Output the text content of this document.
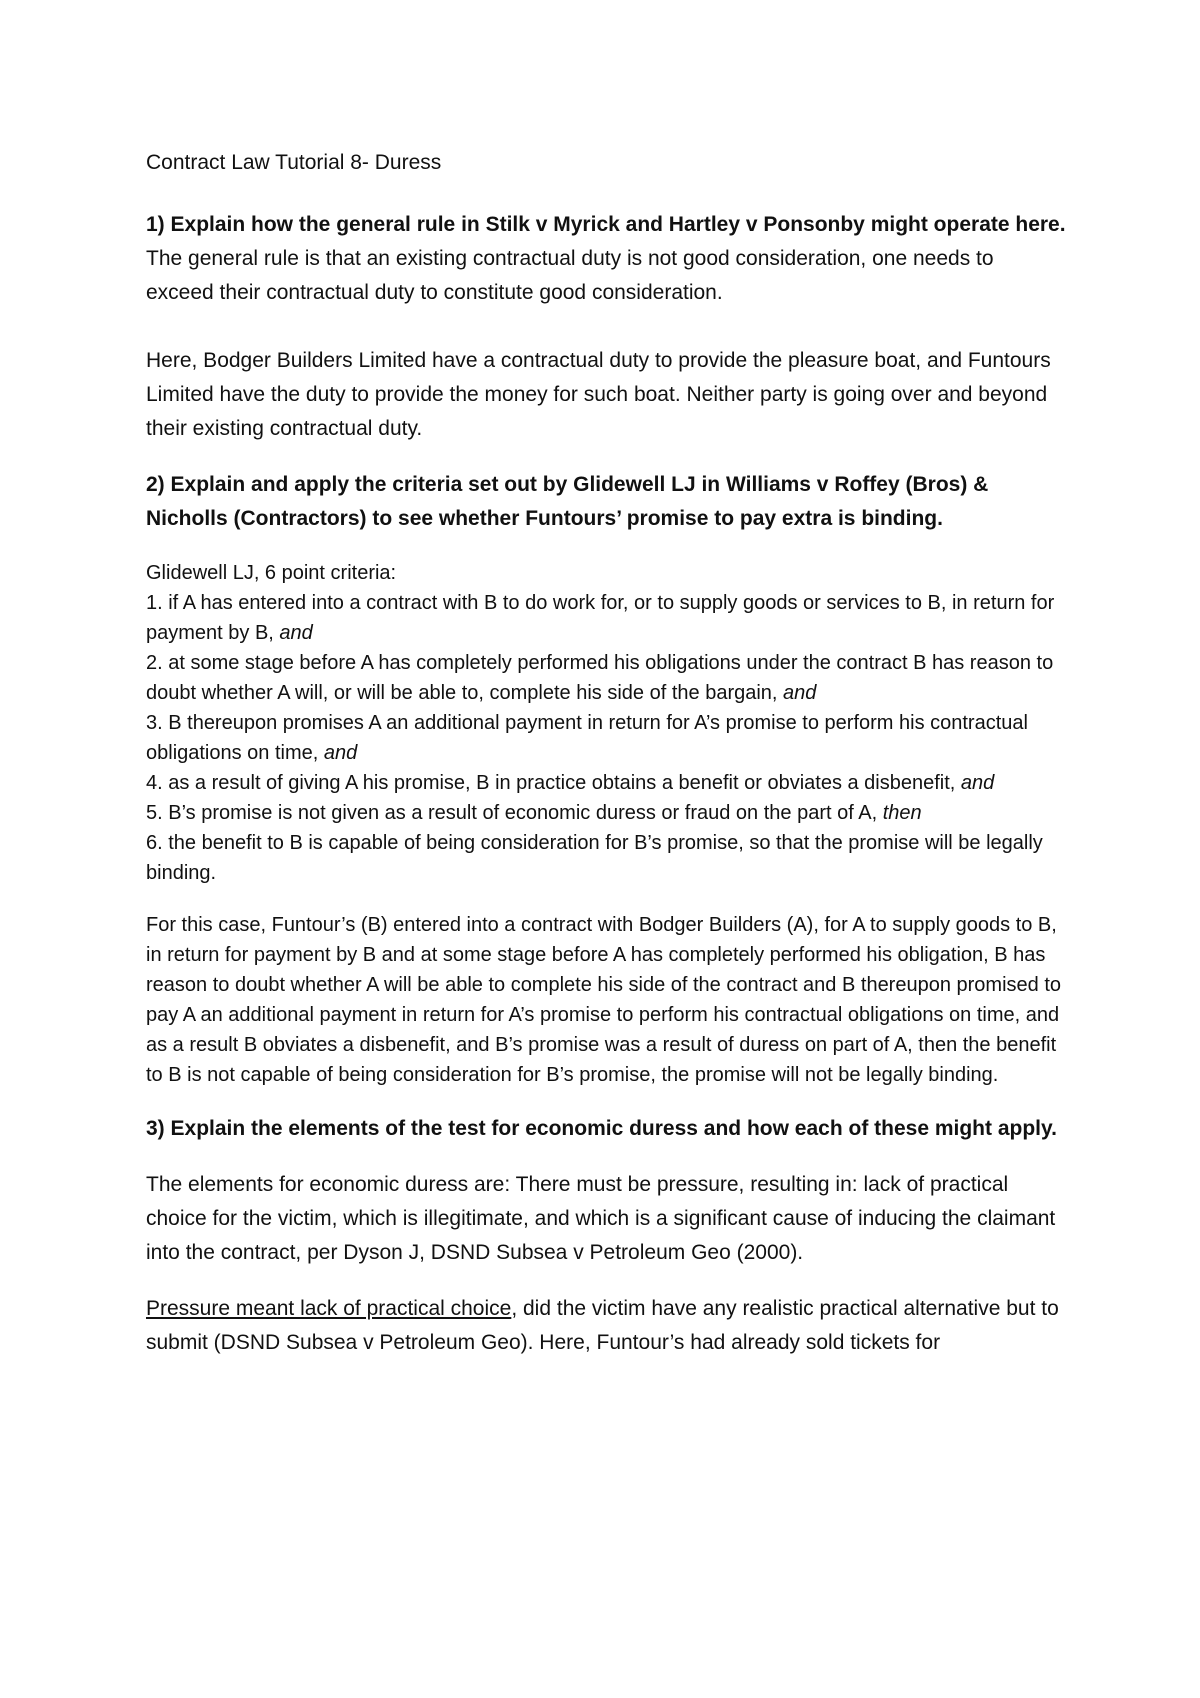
Contract Law Tutorial 8- Duress

1) Explain how the general rule in Stilk v Myrick and Hartley v Ponsonby might operate here.

The general rule is that an existing contractual duty is not good consideration, one needs to exceed their contractual duty to constitute good consideration.

Here, Bodger Builders Limited have a contractual duty to provide the pleasure boat, and Funtours Limited have the duty to provide the money for such boat. Neither party is going over and beyond their existing contractual duty.

2) Explain and apply the criteria set out by Glidewell LJ in Williams v Roffey (Bros) & Nicholls (Contractors) to see whether Funtours’ promise to pay extra is binding.

Glidewell LJ, 6 point criteria:

1. if A has entered into a contract with B to do work for, or to supply goods or services to B, in return for payment by B, and
2. at some stage before A has completely performed his obligations under the contract B has reason to doubt whether A will, or will be able to, complete his side of the bargain, and
3. B thereupon promises A an additional payment in return for A’s promise to perform his contractual obligations on time, and
4. as a result of giving A his promise, B in practice obtains a benefit or obviates a disbenefit, and
5. B’s promise is not given as a result of economic duress or fraud on the part of A, then
6. the benefit to B is capable of being consideration for B’s promise, so that the promise will be legally binding.

For this case, Funtour’s (B) entered into a contract with Bodger Builders (A), for A to supply goods to B, in return for payment by B and at some stage before A has completely performed his obligation, B has reason to doubt whether A will be able to complete his side of the contract and B thereupon promised to pay A an additional payment in return for A’s promise to perform his contractual obligations on time, and as a result B obviates a disbenefit, and B’s promise was a result of duress on part of A, then the benefit to B is not capable of being consideration for B’s promise, the promise will not be legally binding.

3) Explain the elements of the test for economic duress and how each of these might apply.

The elements for economic duress are: There must be pressure, resulting in: lack of practical choice for the victim, which is illegitimate, and which is a significant cause of inducing the claimant into the contract, per Dyson J, DSND Subsea v Petroleum Geo (2000).

Pressure meant lack of practical choice, did the victim have any realistic practical alternative but to submit (DSND Subsea v Petroleum Geo). Here, Funtour’s had already sold tickets for
